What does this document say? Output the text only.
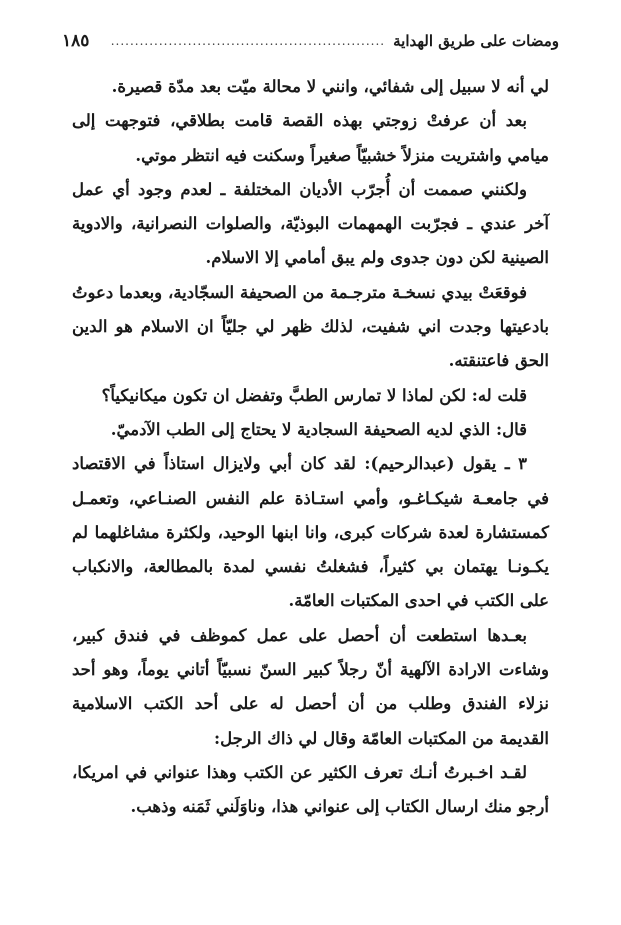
ومضات على طريق الهداية
.........................................................
١٨٥

لي أنه لا سبيل إلى شفائي، وانني لا محالة ميّت بعد مدّة قصيرة.

بعد أن عرفتْ زوجتي بهذه القصة قامت بطلاقي، فتوجهت إلى ميامي واشتريت منزلاً خشبيّاً صغيراً وسكنت فيه انتظر موتي.

ولكنني صممت أن أُجرّب الأديان المختلفة ـ لعدم وجود أي عمل آخر عندي ـ فجرّبت الهمهمات البوذيّة، والصلوات النصرانية، والادوية الصينية لكن دون جدوى ولم يبق أمامي إلا الاسلام.

فوقعَتْ بيدي نسخـة مترجـمة من الصحيفة السجّادية، وبعدما دعوتُ بادعيتها وجدت اني شفيت، لذلك ظهر لي جليّاً ان الاسلام هو الدين الحق فاعتنقته.

قلت له: لكن لماذا لا تمارس الطبَّ وتفضل ان تكون ميكانيكياً؟

قال: الذي لديه الصحيفة السجادية لا يحتاج إلى الطب الآدميّ.

٣ ـ يقول (عبدالرحيم): لقد كان أبي ولايزال استاذاً في الاقتصاد في جامعـة شيكـاغـو، وأمي استـاذة علم النفس الصنـاعي، وتعمـل كمستشارة لعدة شركات كبرى، وانا ابنها الوحيد، ولكثرة مشاغلهما لم يكـونـا يهتمان بي كثيراً، فشغلتُ نفسي لمدة بالمطالعة، والانكباب على الكتب في احدى المكتبات العامّة.

بعـدها استطعت أن أحصل على عمل كموظف في فندق كبير، وشاءت الارادة الآلهية أنّ رجلاً كبير السنّ نسبيّاً أتاني يوماً، وهو أحد نزلاء الفندق وطلب من أن أحصل له على أحد الكتب الاسلامية القديمة من المكتبات العامّة وقال لي ذاك الرجل:

لقـد اخـبرتُ أنـك تعرف الكثير عن الكتب وهذا عنواني في امريكا، أرجو منك ارسال الكتاب إلى عنواني هذا، وناوَلَني ثَمَنه وذهب.
